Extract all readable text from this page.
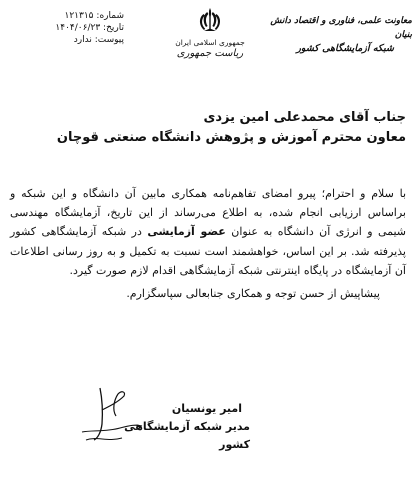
شماره: ۱۲۱۳۱۵
تاریخ: ۱۴۰۴/۰۶/۲۳
پیوست: ندارد	جمهوری اسلامی ایران
ریاست جمهوری
معاونت علمی، فناوری و اقتصاد دانش بنیان
شبکه آزمایشگاهی کشور
جناب آقای محمدعلی امین یزدی
معاون محترم آموزش و پژوهش دانشگاه صنعتی قوچان

با سلام و احترام؛ پیرو امضای تفاهم‌نامه همکاری مابین آن دانشگاه و این شبکه و براساس ارزیابی انجام شده، به اطلاع می‌رساند از این تاریخ، آزمایشگاه مهندسی شیمی و انرژی آن دانشگاه به عنوان عضو آزمایشی در شبکه آزمایشگاهی کشور پذیرفته شد. بر این اساس، خواهشمند است نسبت به تکمیل و به روز رسانی اطلاعات آن آزمایشگاه در پایگاه اینترنتی شبکه آزمایشگاهی اقدام لازم صورت گیرد.

پیشاپیش از حسن توجه و همکاری جنابعالی سپاسگزارم.

امیر یونسیان
مدیر شبکه آزمایشگاهی کشور
